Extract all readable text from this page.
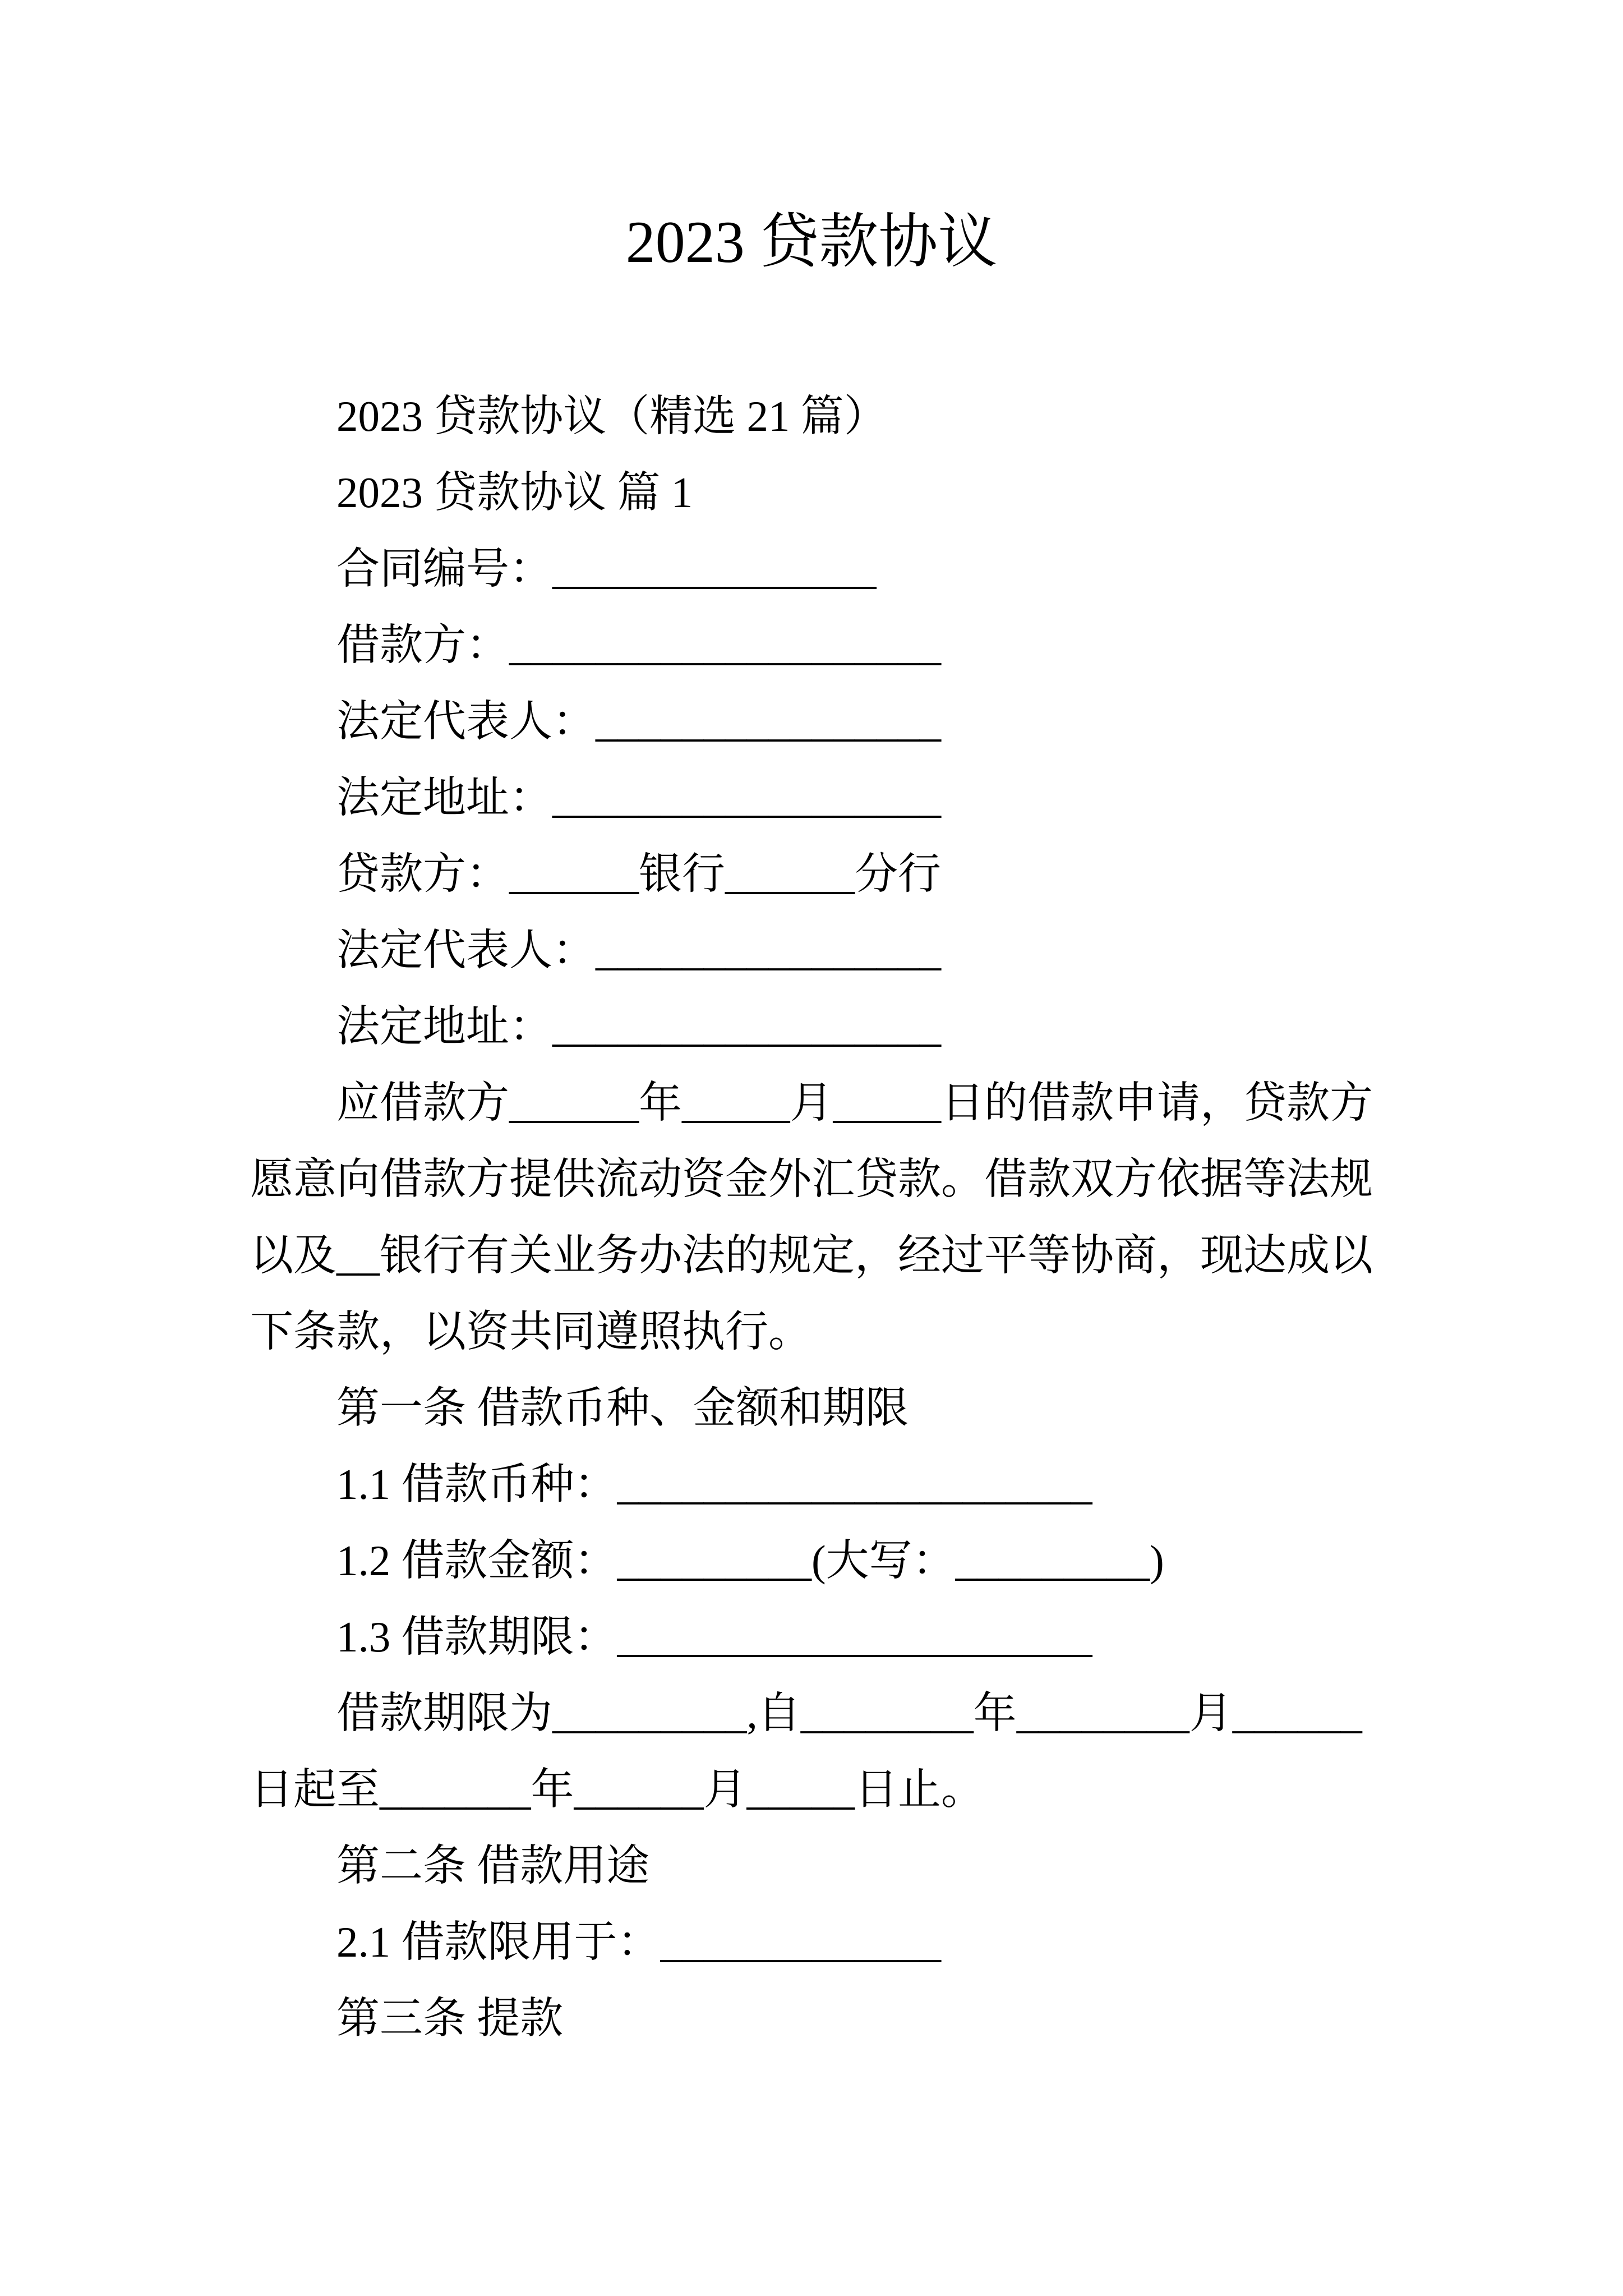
2023 贷款协议
2023 贷款协议（精选 21 篇）
2023 贷款协议 篇 1
合同编号：_______________
借款方：____________________
法定代表人：________________
法定地址：__________________
贷款方：______银行______分行
法定代表人：________________
法定地址：__________________
应借款方______年_____月_____日的借款申请，贷款方
愿意向借款方提供流动资金外汇贷款。借款双方依据等法规
以及__银行有关业务办法的规定，经过平等协商，现达成以
下条款，以资共同遵照执行。
第一条 借款币种、金额和期限
1.1 借款币种：______________________
1.2 借款金额：_________(大写：_________)
1.3 借款期限：______________________
借款期限为_________,自________年________月______
日起至_______年______月_____日止。
第二条 借款用途
2.1 借款限用于：_____________
第三条 提款
